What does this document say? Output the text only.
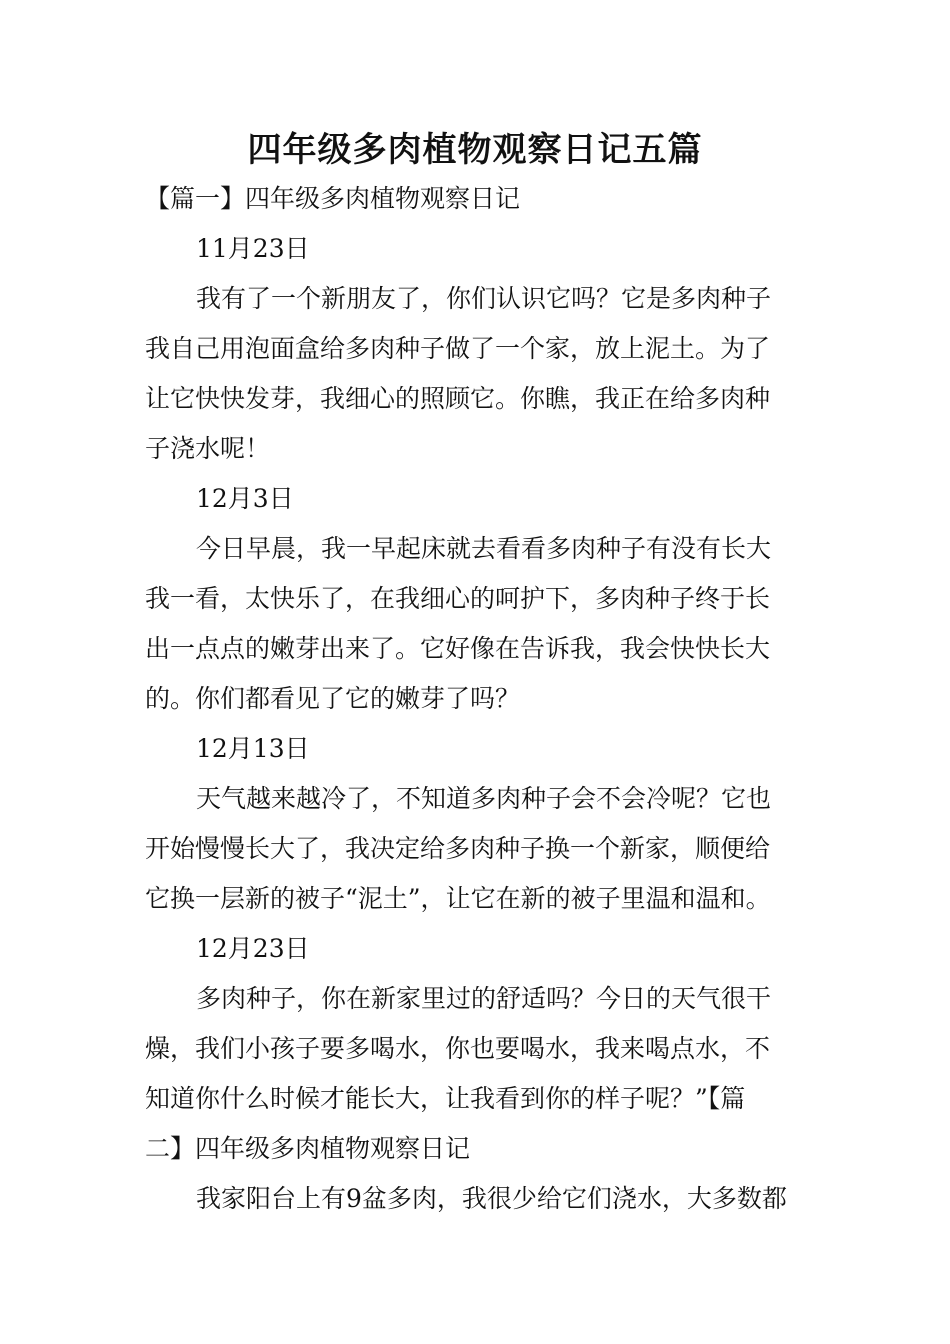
四年级多肉植物观察日记五篇
【篇一】四年级多肉植物观察日记
11月23日
我有了一个新朋友了，你们认识它吗？它是多肉种子
我自己用泡面盒给多肉种子做了一个家，放上泥土。为了
让它快快发芽，我细心的照顾它。你瞧，我正在给多肉种
子浇水呢！
12月3日
今日早晨，我一早起床就去看看多肉种子有没有长大
我一看，太快乐了，在我细心的呵护下，多肉种子终于长
出一点点的嫩芽出来了。它好像在告诉我，我会快快长大
的。你们都看见了它的嫩芽了吗？
12月13日
天气越来越冷了，不知道多肉种子会不会冷呢？它也
开始慢慢长大了，我决定给多肉种子换一个新家，顺便给
它换一层新的被子“泥土”，让它在新的被子里温和温和。
12月23日
多肉种子，你在新家里过的舒适吗？今日的天气很干
燥，我们小孩子要多喝水，你也要喝水，我来喝点水，不
知道你什么时候才能长大，让我看到你的样子呢？”【篇
二】四年级多肉植物观察日记
我家阳台上有9盆多肉，我很少给它们浇水，大多数都
